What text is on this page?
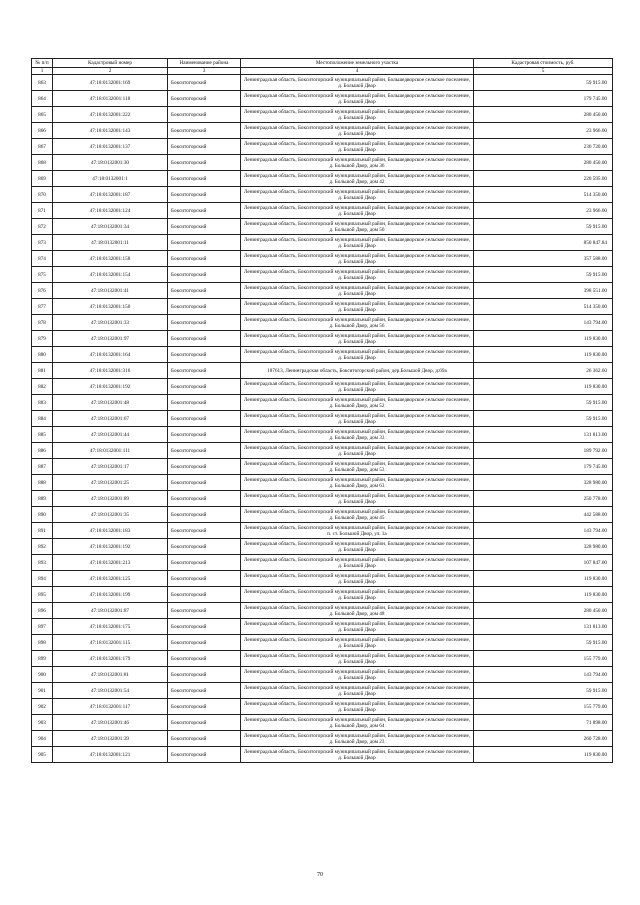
№ п/п	Кадастровый номер	Наименование района	Местоположение земельного участка	Кадастровая стоимость, руб.
1	2	3	4	5
863	47:18:0132001:169	Бокситогорский	Ленинградская область, Бокситогорский муниципальный район, Большедворское сельское поселение, д. Большой Двор	59 915.00
864	47:18:0132001:118	Бокситогорский	Ленинградская область, Бокситогорский муниципальный район, Большедворское сельское поселение, д. Большой Двор	179 745.00
865	47:18:0132001:222	Бокситогорский	Ленинградская область, Бокситогорский муниципальный район, Большедворское сельское поселение, д. Большой Двор	280 450.00
866	47:18:0132001:143	Бокситогорский	Ленинградская область, Бокситогорский муниципальный район, Большедворское сельское поселение, д. Большой Двор	23 966.00
867	47:18:0132001:137	Бокситогорский	Ленинградская область, Бокситогорский муниципальный район, Большедворское сельское поселение, д. Большой Двор	230 720.00
868	47:18:0132001:30	Бокситогорский	Ленинградская область, Бокситогорский муниципальный район, Большедворское сельское поселение, д. Большой Двор, дом 36	280 450.00
869	47:18:0132001:1	Бокситогорский	Ленинградская область, Бокситогорский муниципальный район, Большедворское сельское поселение, д. Большой Двор, дом 42	220 595.00
870	47:18:0132001:187	Бокситогорский	Ленинградская область, Бокситогорский муниципальный район, Большедворское сельское поселение, д. Большой Двор	514 350.00
871	47:18:0132001:124	Бокситогорский	Ленинградская область, Бокситогорский муниципальный район, Большедворское сельское поселение, д. Большой Двор	23 966.00
872	47:18:0132001:34	Бокситогорский	Ленинградская область, Бокситогорский муниципальный район, Большедворское сельское поселение, д. Большой Двор, дом 50	59 915.00
873	47:18:0132001:11	Бокситогорский	Ленинградская область, Бокситогорский муниципальный район, Большедворское сельское поселение, д. Большой Двор	850 847.84
874	47:18:0132001:158	Бокситогорский	Ленинградская область, Бокситогорский муниципальный район, Большедворское сельское поселение, д. Большой Двор	357 588.00
875	47:18:0132001:154	Бокситогорский	Ленинградская область, Бокситогорский муниципальный район, Большедворское сельское поселение, д. Большой Двор	59 915.00
876	47:18:0132001:41	Бокситогорский	Ленинградская область, Бокситогорский муниципальный район, Большедворское сельское поселение, д. Большой Двор	398 551.00
877	47:18:0132001:150	Бокситогорский	Ленинградская область, Бокситогорский муниципальный район, Большедворское сельское поселение, д. Большой Двор	514 350.00
878	47:18:0132001:33	Бокситогорский	Ленинградская область, Бокситогорский муниципальный район, Большедворское сельское поселение, д. Большой Двор, дом 56	143 794.00
879	47:18:0132001:97	Бокситогорский	Ленинградская область, Бокситогорский муниципальный район, Большедворское сельское поселение, д. Большой Двор	119 830.00
880	47:18:0132001:164	Бокситогорский	Ленинградская область, Бокситогорский муниципальный район, Большедворское сельское поселение, д. Большой Двор	119 830.00
881	47:18:0132001:316	Бокситогорский	187613, Ленинградская область, Бокситогорский район, дер.Большой Двор, д.69а	26 362.60
882	47:18:0132001:192	Бокситогорский	Ленинградская область, Бокситогорский муниципальный район, Большедворское сельское поселение, д. Большой Двор	119 830.00
883	47:18:0132001:48	Бокситогорский	Ленинградская область, Бокситогорский муниципальный район, Большедворское сельское поселение, д. Большой Двор, дом 52	59 915.00
884	47:18:0132001:67	Бокситогорский	Ленинградская область, Бокситогорский муниципальный район, Большедворское сельское поселение, д. Большой Двор	59 915.00
885	47:18:0132001:44	Бокситогорский	Ленинградская область, Бокситогорский муниципальный район, Большедворское сельское поселение, д. Большой Двор, дом 33	131 813.00
886	47:18:0132001:111	Бокситогорский	Ленинградская область, Бокситогорский муниципальный район, Большедворское сельское поселение, д. Большой Двор	189 792.00
887	47:18:0132001:17	Бокситогорский	Ленинградская область, Бокситогорский муниципальный район, Большедворское сельское поселение, д. Большой Двор, дом 53	179 745.00
888	47:18:0132001:25	Бокситогорский	Ленинградская область, Бокситогорский муниципальный район, Большедворское сельское поселение, д. Большой Двор, дом 63	328 980.00
889	47:18:0132001:89	Бокситогорский	Ленинградская область, Бокситогорский муниципальный район, Большедворское сельское поселение, д. Большой Двор	250 778.00
890	47:18:0132001:35	Бокситогорский	Ленинградская область, Бокситогорский муниципальный район, Большедворское сельское поселение, д. Большой Двор, дом 45	442 588.00
891	47:18:0132001:183	Бокситогорский	Ленинградская область, Бокситогорский муниципальный район, Большедворское сельское поселение, п. ст. Большой Двор, ул. 1а	143 794.00
892	47:18:0132001:192	Бокситогорский	Ленинградская область, Бокситогорский муниципальный район, Большедворское сельское поселение, д. Большой Двор	328 980.00
893	47:18:0132001:213	Бокситогорский	Ленинградская область, Бокситогорский муниципальный район, Большедворское сельское поселение, д. Большой Двор	107 847.00
894	47:18:0132001:125	Бокситогорский	Ленинградская область, Бокситогорский муниципальный район, Большедворское сельское поселение, д. Большой Двор	119 830.00
895	47:18:0132001:199	Бокситогорский	Ленинградская область, Бокситогорский муниципальный район, Большедворское сельское поселение, д. Большой Двор	119 830.00
896	47:18:0132001:87	Бокситогорский	Ленинградская область, Бокситогорский муниципальный район, Большедворское сельское поселение, д. Большой Двор, дом 48	280 450.00
897	47:18:0132001:175	Бокситогорский	Ленинградская область, Бокситогорский муниципальный район, Большедворское сельское поселение, д. Большой Двор	131 813.00
898	47:18:0132001:115	Бокситогорский	Ленинградская область, Бокситогорский муниципальный район, Большедворское сельское поселение, д. Большой Двор	59 915.00
899	47:18:0132001:179	Бокситогорский	Ленинградская область, Бокситогорский муниципальный район, Большедворское сельское поселение, д. Большой Двор	155 779.00
900	47:18:0132001:81	Бокситогорский	Ленинградская область, Бокситогорский муниципальный район, Большедворское сельское поселение, д. Большой Двор	143 794.00
901	47:18:0132001:54	Бокситогорский	Ленинградская область, Бокситогорский муниципальный район, Большедворское сельское поселение, д. Большой Двор	59 915.00
902	47:18:0132001:117	Бокситогорский	Ленинградская область, Бокситогорский муниципальный район, Большедворское сельское поселение, д. Большой Двор	155 779.00
903	47:18:0132001:46	Бокситогорский	Ленинградская область, Бокситогорский муниципальный район, Большедворское сельское поселение, д. Большой Двор, дом 64	71 898.00
904	47:18:0132001:39	Бокситогорский	Ленинградская область, Бокситогорский муниципальный район, Большедворское сельское поселение, д. Большой Двор, дом 23	260 728.00
905	47:18:0132001:121	Бокситогорский	Ленинградская область, Бокситогорский муниципальный район, Большедворское сельское поселение, д. Большой Двор	119 830.00
70
